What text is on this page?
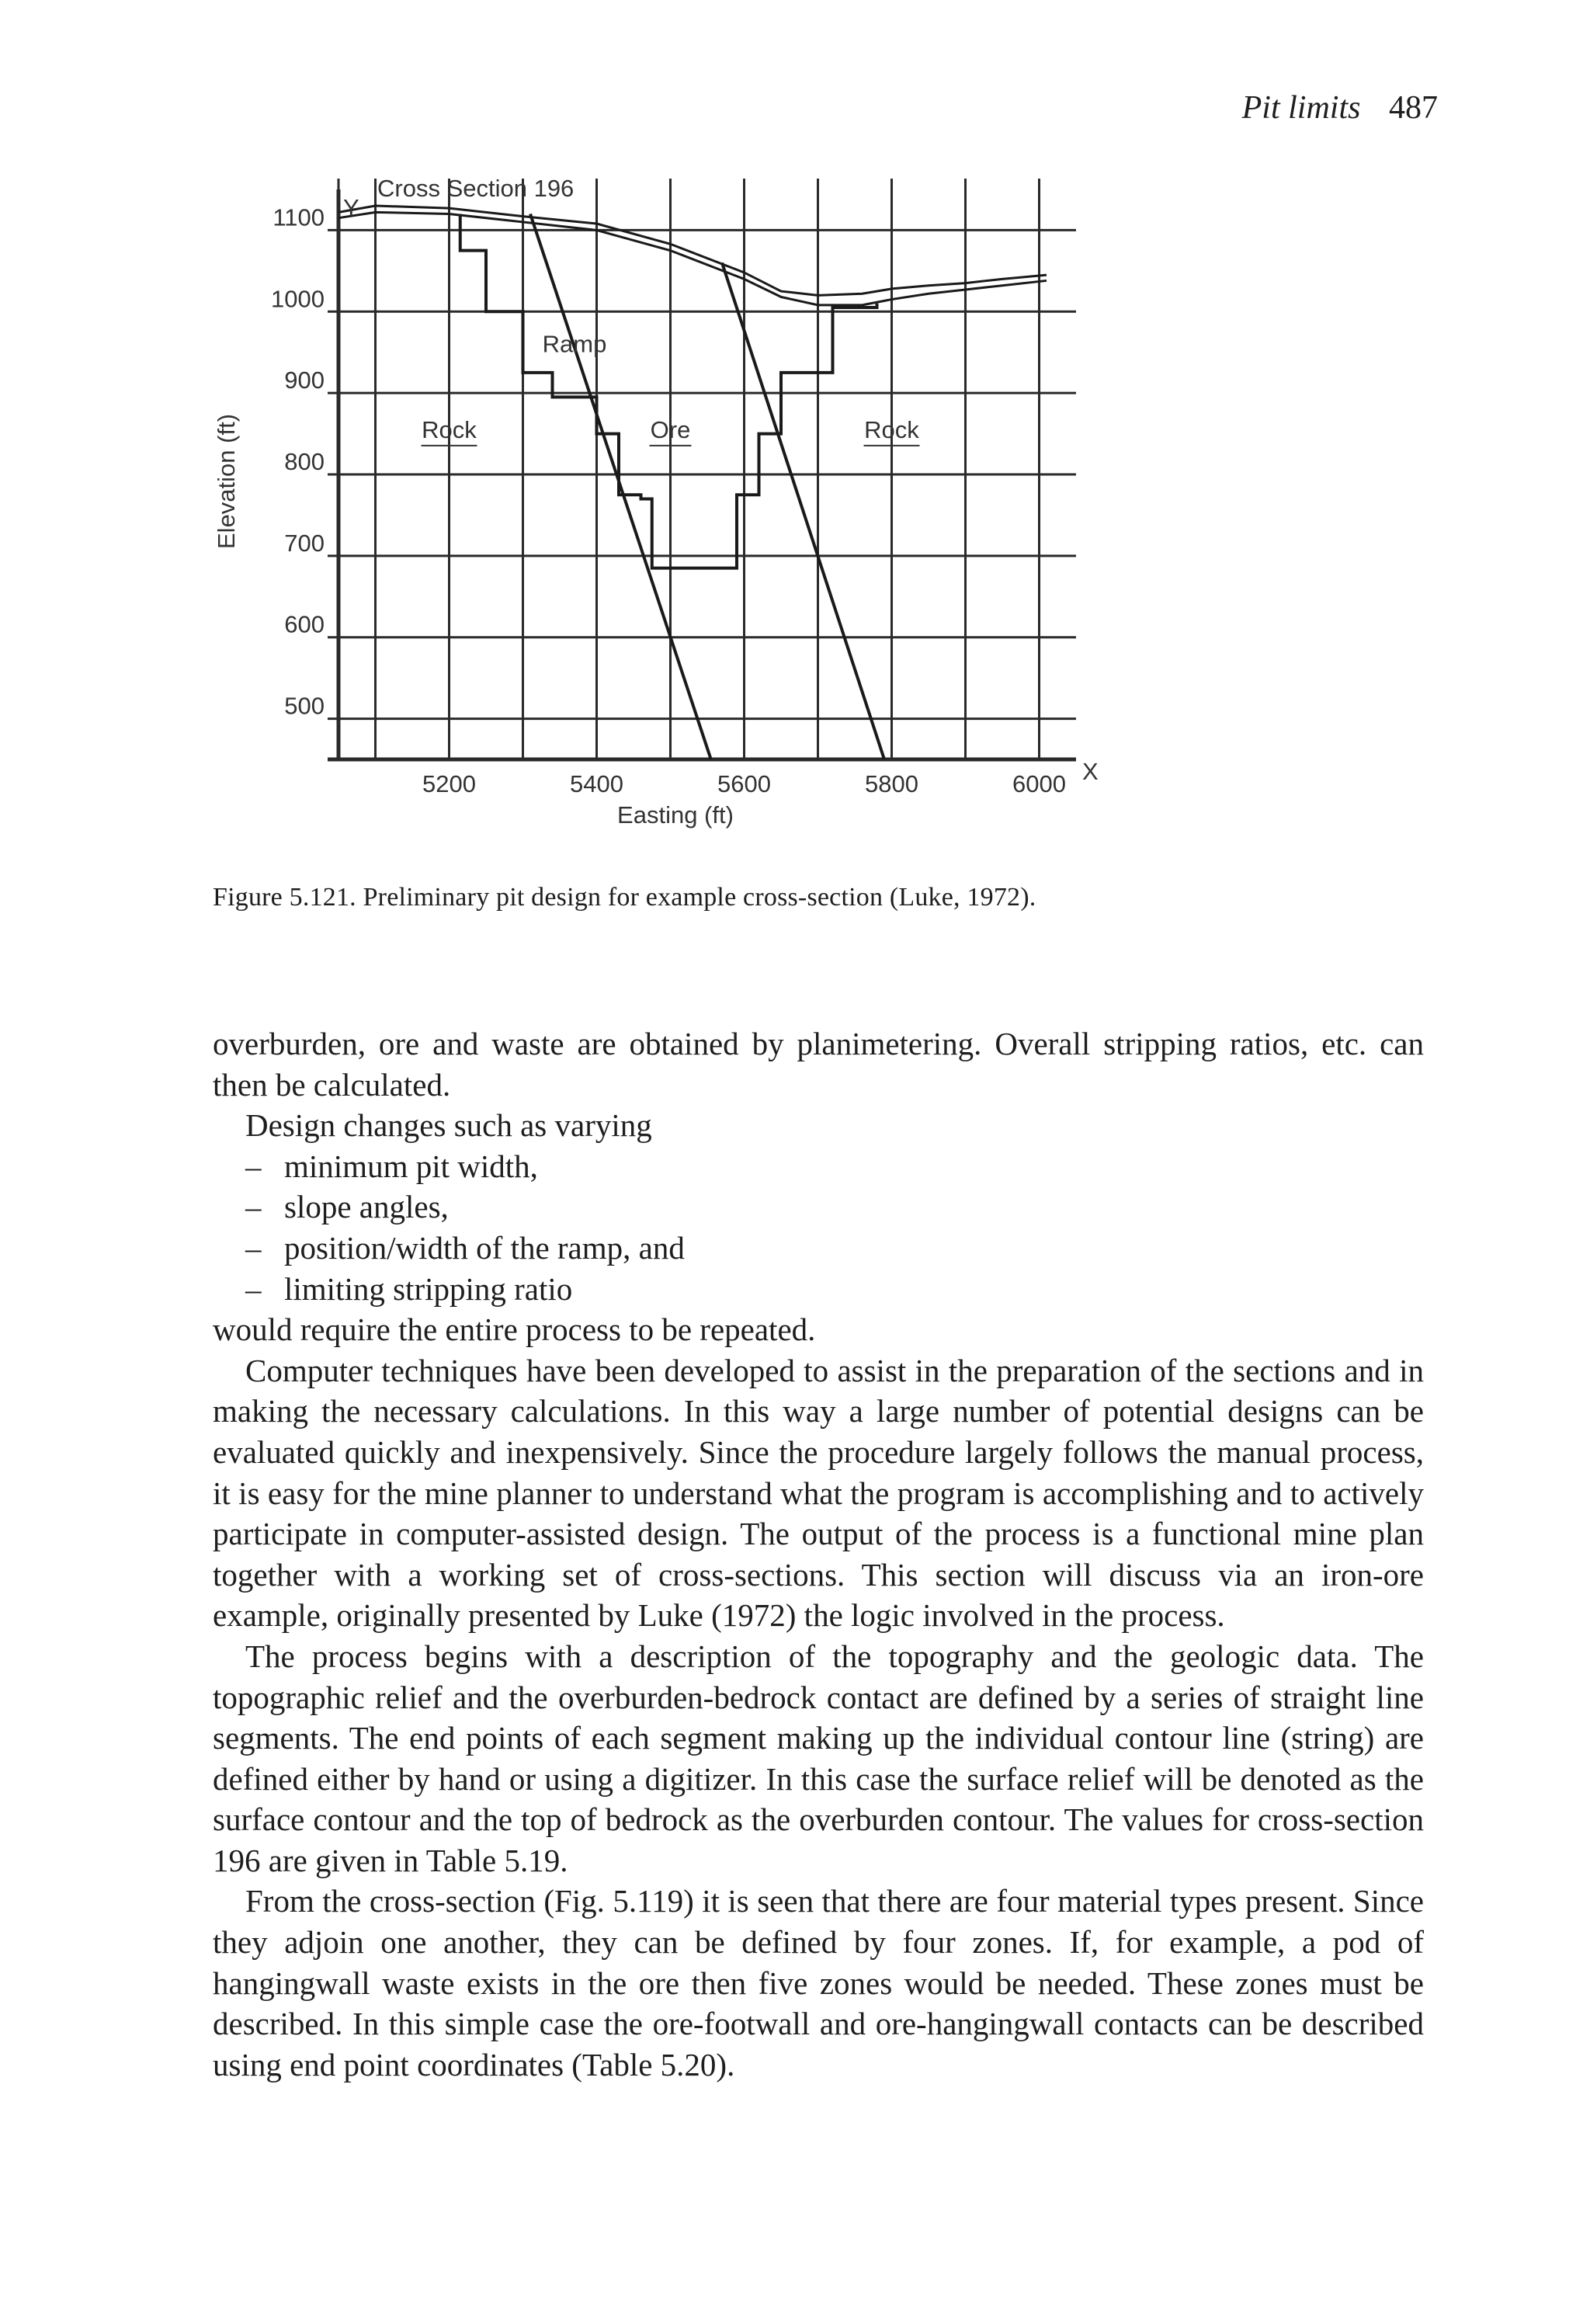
Pit limits 487
5200	5400	5600	5800	6000
500
600
700
800
900
1000
1100
Rock	Ore	Rock
Ramp
Cross Section 196
Y
X
Easting (ft)
Elevation (ft)
Figure 5.121. Preliminary pit design for example cross-section (Luke, 1972).

overburden, ore and waste are obtained by planimetering. Overall stripping ratios, etc. can then be calculated.

Design changes such as varying

– minimum pit width,
– slope angles,
– position/width of the ramp, and
– limiting stripping ratio

would require the entire process to be repeated.

Computer techniques have been developed to assist in the preparation of the sections and in making the necessary calculations. In this way a large number of potential designs can be evaluated quickly and inexpensively. Since the procedure largely follows the manual process, it is easy for the mine planner to understand what the program is accomplishing and to actively participate in computer-assisted design. The output of the process is a functional mine plan together with a working set of cross-sections. This section will discuss via an iron-ore example, originally presented by Luke (1972) the logic involved in the process.

The process begins with a description of the topography and the geologic data. The topographic relief and the overburden-bedrock contact are defined by a series of straight line segments. The end points of each segment making up the individual contour line (string) are defined either by hand or using a digitizer. In this case the surface relief will be denoted as the surface contour and the top of bedrock as the overburden contour. The values for cross-section 196 are given in Table 5.19.

From the cross-section (Fig. 5.119) it is seen that there are four material types present. Since they adjoin one another, they can be defined by four zones. If, for example, a pod of hangingwall waste exists in the ore then five zones would be needed. These zones must be described. In this simple case the ore-footwall and ore-hangingwall contacts can be described using end point coordinates (Table 5.20).
